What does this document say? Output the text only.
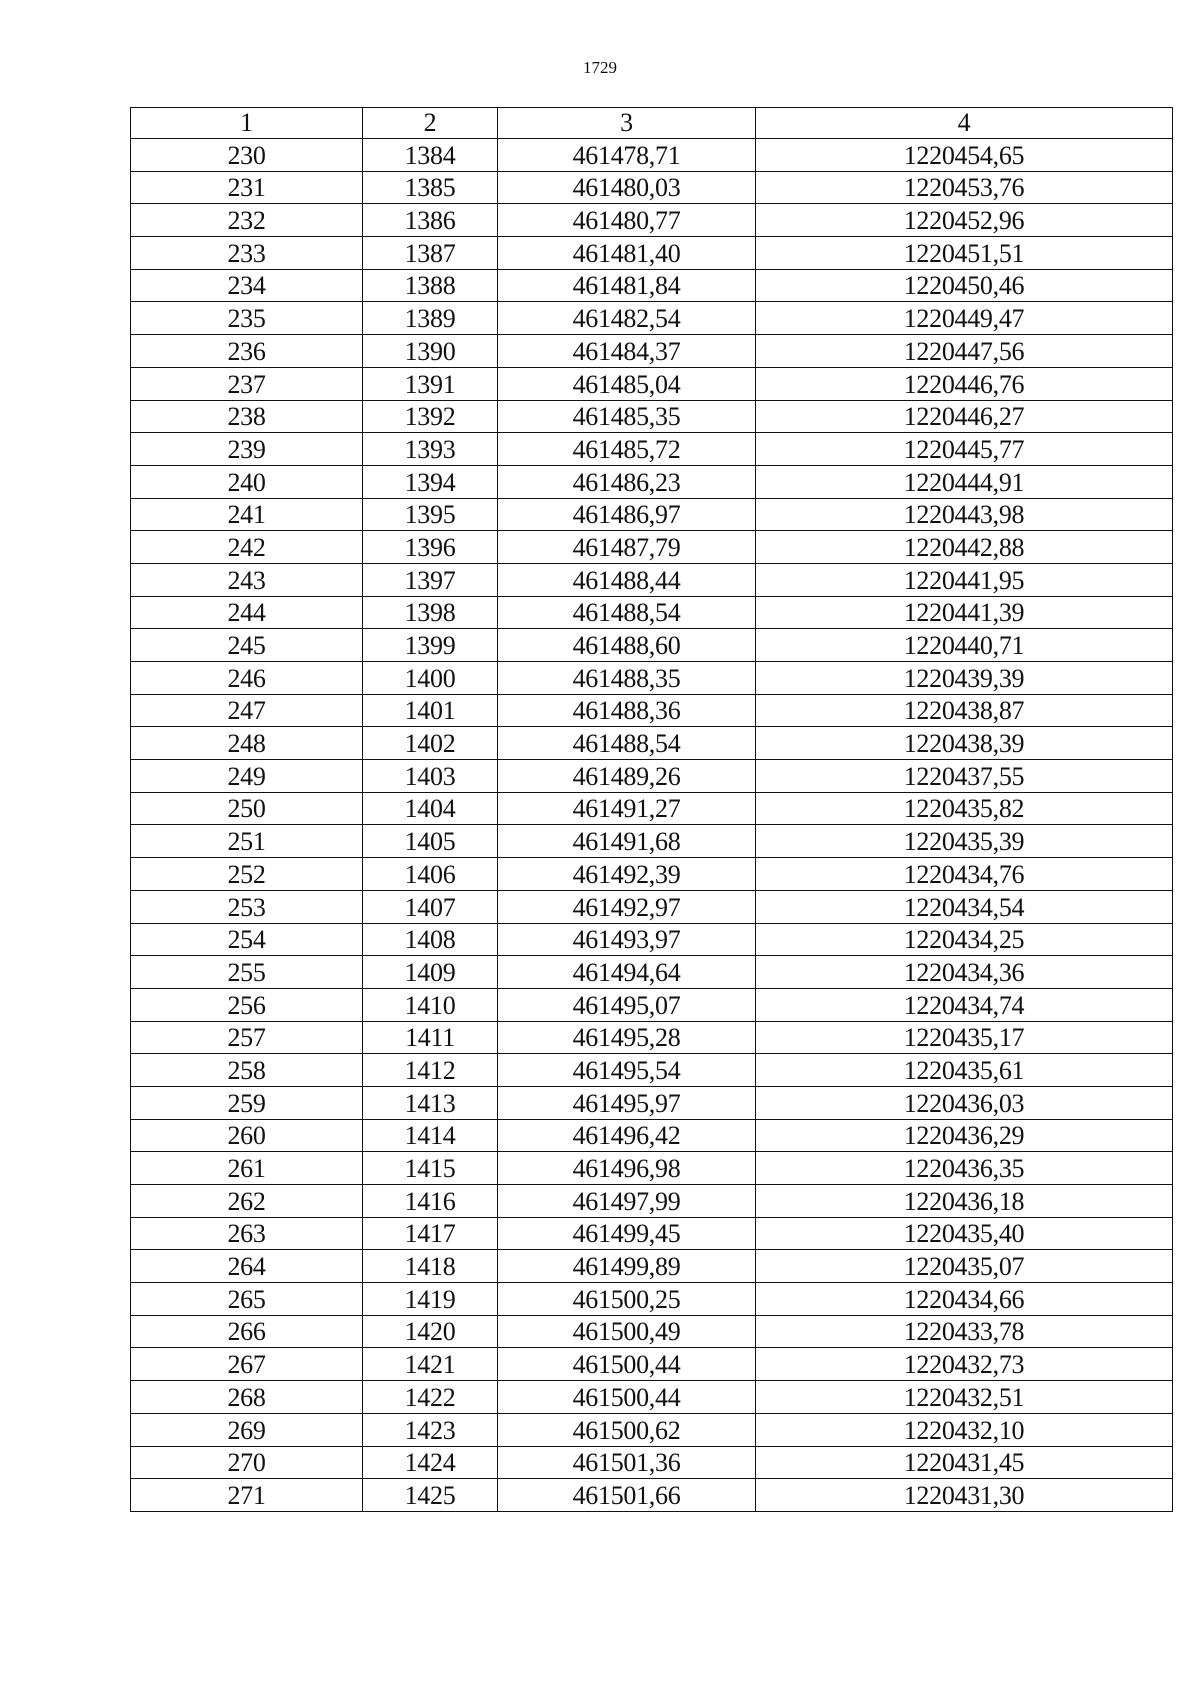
1729
1	2	3	4
230	1384	461478,71	1220454,65
231	1385	461480,03	1220453,76
232	1386	461480,77	1220452,96
233	1387	461481,40	1220451,51
234	1388	461481,84	1220450,46
235	1389	461482,54	1220449,47
236	1390	461484,37	1220447,56
237	1391	461485,04	1220446,76
238	1392	461485,35	1220446,27
239	1393	461485,72	1220445,77
240	1394	461486,23	1220444,91
241	1395	461486,97	1220443,98
242	1396	461487,79	1220442,88
243	1397	461488,44	1220441,95
244	1398	461488,54	1220441,39
245	1399	461488,60	1220440,71
246	1400	461488,35	1220439,39
247	1401	461488,36	1220438,87
248	1402	461488,54	1220438,39
249	1403	461489,26	1220437,55
250	1404	461491,27	1220435,82
251	1405	461491,68	1220435,39
252	1406	461492,39	1220434,76
253	1407	461492,97	1220434,54
254	1408	461493,97	1220434,25
255	1409	461494,64	1220434,36
256	1410	461495,07	1220434,74
257	1411	461495,28	1220435,17
258	1412	461495,54	1220435,61
259	1413	461495,97	1220436,03
260	1414	461496,42	1220436,29
261	1415	461496,98	1220436,35
262	1416	461497,99	1220436,18
263	1417	461499,45	1220435,40
264	1418	461499,89	1220435,07
265	1419	461500,25	1220434,66
266	1420	461500,49	1220433,78
267	1421	461500,44	1220432,73
268	1422	461500,44	1220432,51
269	1423	461500,62	1220432,10
270	1424	461501,36	1220431,45
271	1425	461501,66	1220431,30
